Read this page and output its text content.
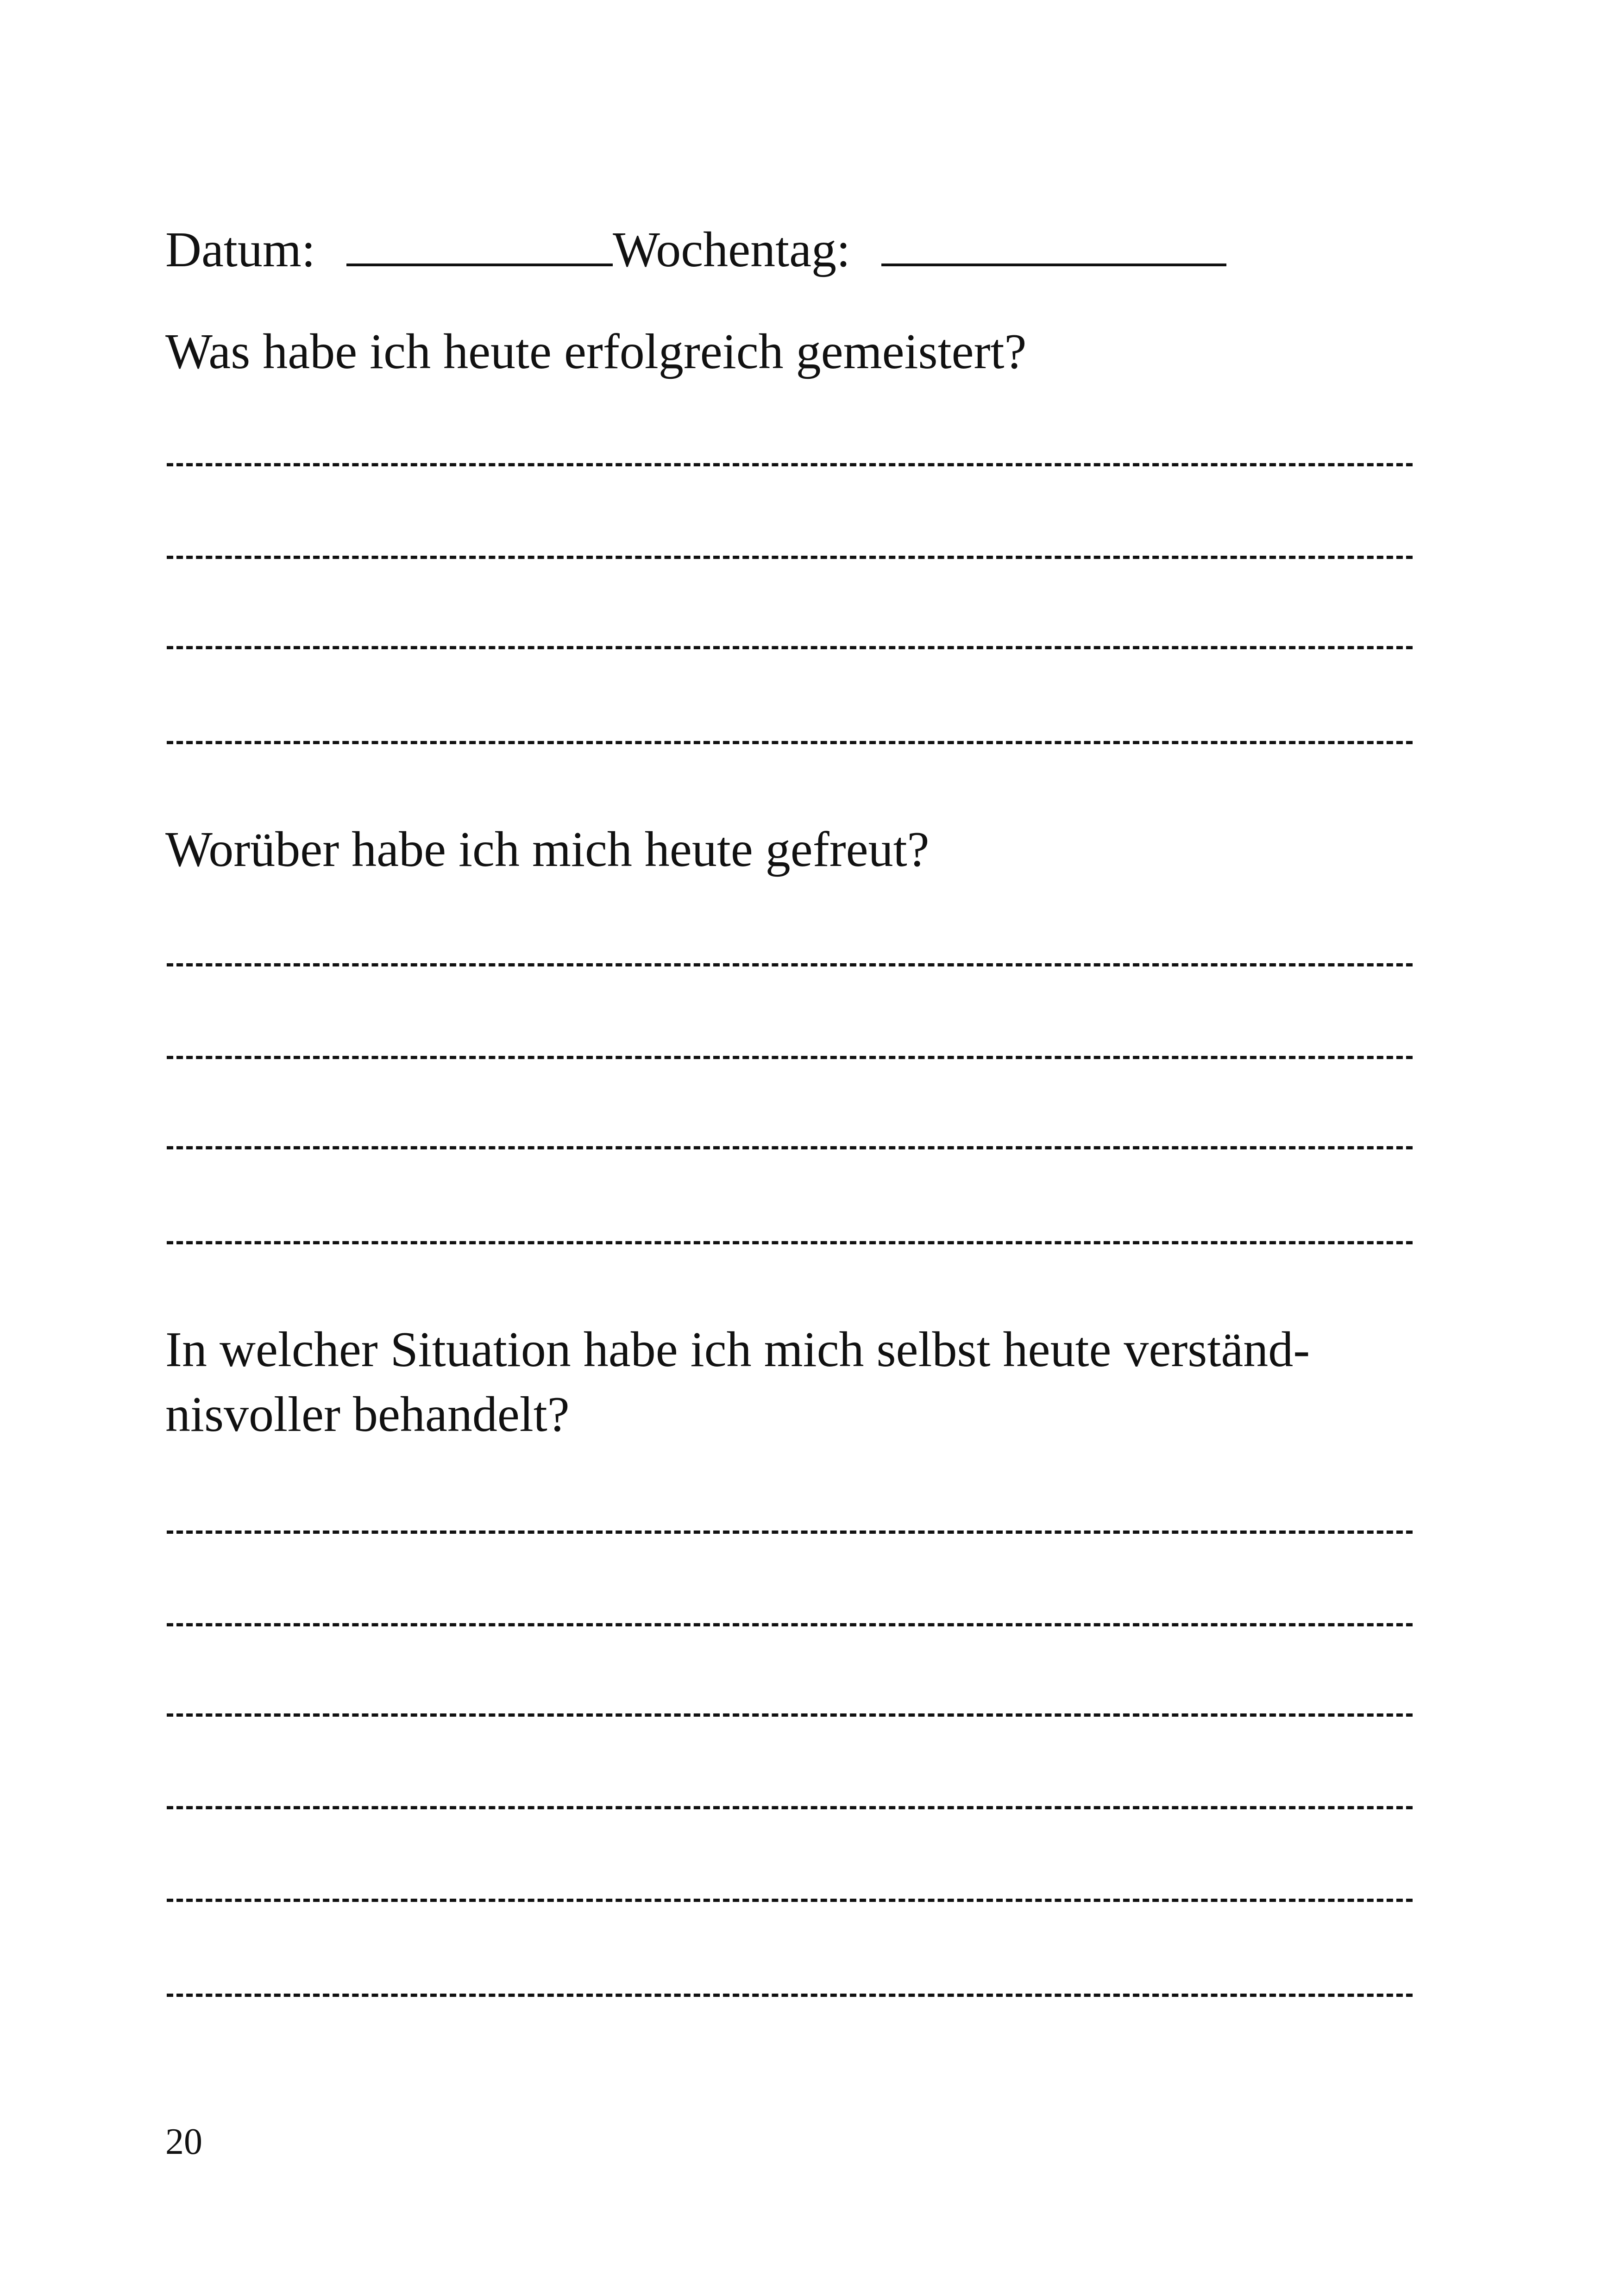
Datum:	Wochentag:
Was habe ich heute erfolgreich gemeistert?
Worüber habe ich mich heute gefreut?
In welcher Situation habe ich mich selbst heute verständ-
nisvoller behandelt?
20
